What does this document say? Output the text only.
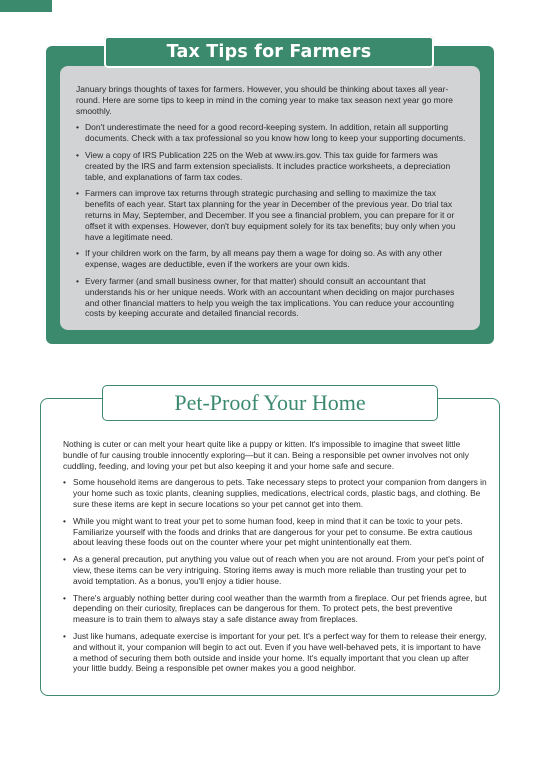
January brings thoughts of taxes for farmers. However, you should be thinking about taxes all year-round. Here are some tips to keep in mind in the coming year to make tax season next year go more smoothly.

• Don't underestimate the need for a good record-keeping system. In addition, retain all supporting documents. Check with a tax professional so you know how long to keep your supporting documents.
• View a copy of IRS Publication 225 on the Web at www.irs.gov. This tax guide for farmers was created by the IRS and farm extension specialists. It includes practice worksheets, a depreciation table, and explanations of farm tax codes.
• Farmers can improve tax returns through strategic purchasing and selling to maximize the tax benefits of each year. Start tax planning for the year in December of the previous year. Do trial tax returns in May, September, and December. If you see a financial problem, you can prepare for it or offset it with expenses. However, don't buy equipment solely for its tax benefits; buy only when you have a legitimate need.
• If your children work on the farm, by all means pay them a wage for doing so. As with any other expense, wages are deductible, even if the workers are your own kids.
• Every farmer (and small business owner, for that matter) should consult an accountant that understands his or her unique needs. Work with an accountant when deciding on major purchases and other financial matters to help you weigh the tax implications. You can reduce your accounting costs by keeping accurate and detailed financial records.
Tax Tips for Farmers

Nothing is cuter or can melt your heart quite like a puppy or kitten. It's impossible to imagine that sweet little bundle of fur causing trouble innocently exploring—but it can. Being a responsible pet owner involves not only cuddling, feeding, and loving your pet but also keeping it and your home safe and secure.

• Some household items are dangerous to pets. Take necessary steps to protect your companion from dangers in your home such as toxic plants, cleaning supplies, medications, electrical cords, plastic bags, and clothing. Be sure these items are kept in secure locations so your pet cannot get into them.
• While you might want to treat your pet to some human food, keep in mind that it can be toxic to your pets. Familiarize yourself with the foods and drinks that are dangerous for your pet to consume. Be extra cautious about leaving these foods out on the counter where your pet might unintentionally eat them.
• As a general precaution, put anything you value out of reach when you are not around. From your pet's point of view, these items can be very intriguing. Storing items away is much more reliable than trusting your pet to avoid temptation. As a bonus, you'll enjoy a tidier house.
• There's arguably nothing better during cool weather than the warmth from a fireplace. Our pet friends agree, but depending on their curiosity, fireplaces can be dangerous for them. To protect pets, the best preventive measure is to train them to always stay a safe distance away from fireplaces.
• Just like humans, adequate exercise is important for your pet. It's a perfect way for them to release their energy, and without it, your companion will begin to act out. Even if you have well-behaved pets, it is important to have a method of securing them both outside and inside your home. It's equally important that you clean up after your little buddy. Being a responsible pet owner makes you a good neighbor.
Pet-Proof Your Home
